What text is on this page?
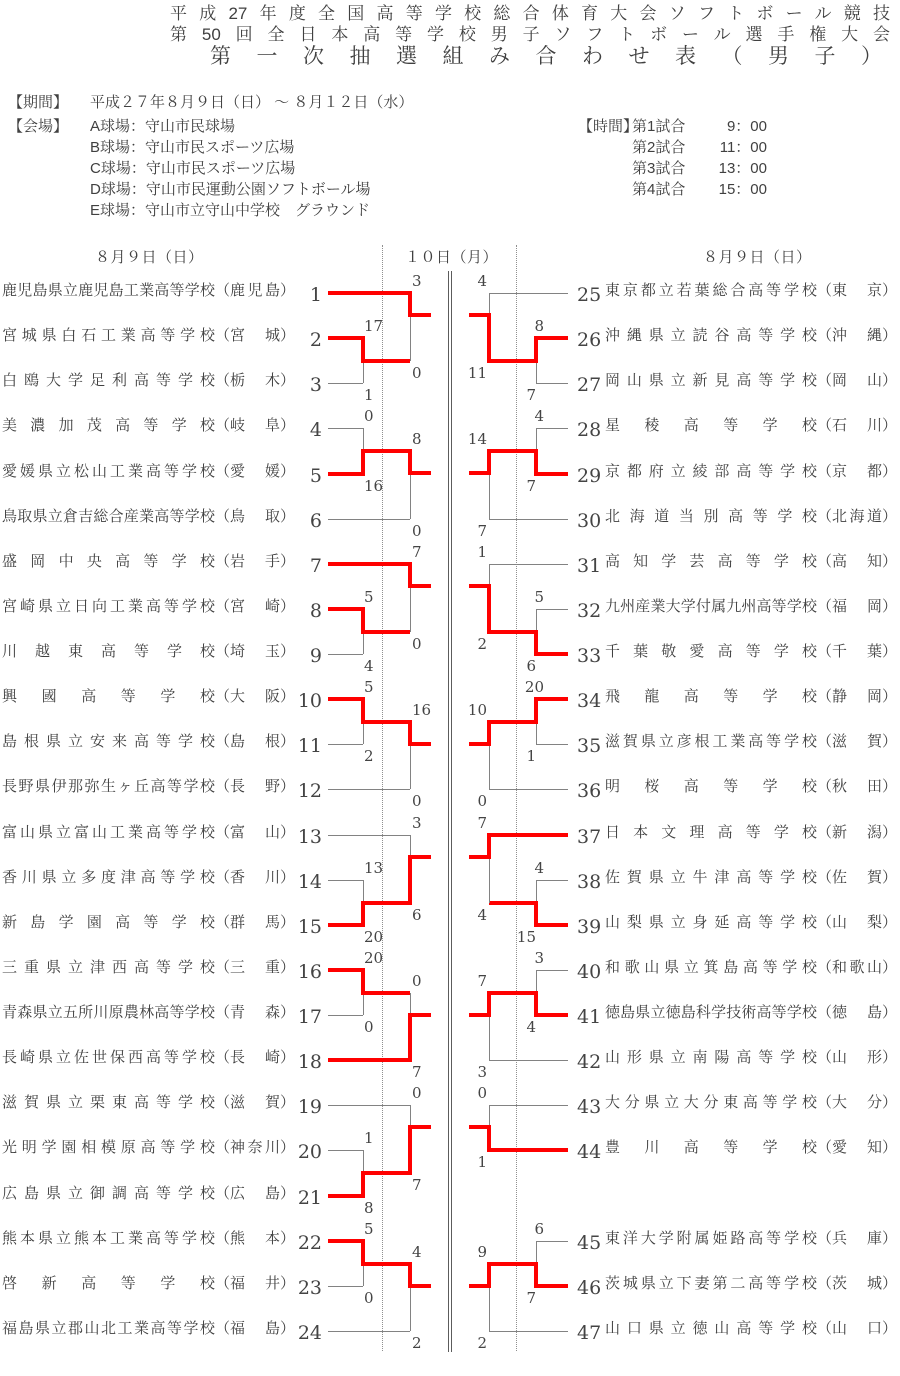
平成27年度全国高等学校総合体育大会ソフトボール競技
第50回全日本高等学校男子ソフトボール選手権大会
第一次抽選組み合わせ表（男子）
【期間】 平成２７年８月９日（日） ～ ８月１２日（水）
【会場】 A球場：守山市民球場
B球場：守山市民スポーツ広場
C球場：守山市民スポーツ広場
D球場：守山市民運動公園ソフトボール場
E球場：守山市立守山中学校　グラウンド
【時間】
第1試合	9：00
第2試合	11：00
第3試合	13：00
第4試合	15：00
８月９日（日）	１０日（月）	８月９日（日）
1
鹿児島県立鹿児島工業高等学校 （鹿児島）
2
宮城県白石工業高等学校 （宮城）
3
白鴎大学足利高等学校 （栃木）
4
美濃加茂高等学校 （岐阜）
5
愛媛県立松山工業高等学校 （愛媛）
6
鳥取県立倉吉総合産業高等学校 （鳥取）
7
盛岡中央高等学校 （岩手）
8
宮崎県立日向工業高等学校 （宮崎）
9
川越東高等学校 （埼玉）
10
興國高等学校 （大阪）
11
島根県立安来高等学校 （島根）
12
長野県伊那弥生ヶ丘高等学校 （長野）
13
富山県立富山工業高等学校 （富山）
14
香川県立多度津高等学校 （香川）
15
新島学園高等学校 （群馬）
16
三重県立津西高等学校 （三重）
17
青森県立五所川原農林高等学校 （青森）
18
長崎県立佐世保西高等学校 （長崎）
19
滋賀県立栗東高等学校 （滋賀）
20
光明学園相模原高等学校 （神奈川）
21
広島県立御調高等学校 （広島）
22
熊本県立熊本工業高等学校 （熊本）
23
啓新高等学校 （福井）
24
福島県立郡山北工業高等学校 （福島）
25 東京都立若葉総合高等学校 （東京）
26 沖縄県立読谷高等学校 （沖縄）
27 岡山県立新見高等学校 （岡山）
28 星稜高等学校 （石川）
29 京都府立綾部高等学校 （京都）
30 北海道当別高等学校 （北海道）
31 高知学芸高等学校 （高知）
32 九州産業大学付属九州高等学校 （福岡）
33 千葉敬愛高等学校 （千葉）
34 飛龍高等学校 （静岡）
35 滋賀県立彦根工業高等学校 （滋賀）
36 明桜高等学校 （秋田）
37 日本文理高等学校 （新潟）
38 佐賀県立牛津高等学校 （佐賀）
39 山梨県立身延高等学校 （山梨）
40 和歌山県立箕島高等学校 （和歌山）
41 徳島県立徳島科学技術高等学校 （徳島）
42 山形県立南陽高等学校 （山形）
43 大分県立大分東高等学校 （大分）
44 豊川高等学校 （愛知）
45 東洋大学附属姫路高等学校 （兵庫）
46 茨城県立下妻第二高等学校 （茨城）
47 山口県立徳山高等学校 （山口）
17
1
3
0
0
16
8
0
5
4
7
0
5
2
16
0
13
20
3
6
20
0
0
7
1
8
0
7
5
0
4
2
8
7
4
11
4
7
14
7
5
6
1
2
20
1
10
0
4
15
7
4
3
4
7
3
0
1
6
7
9
2
